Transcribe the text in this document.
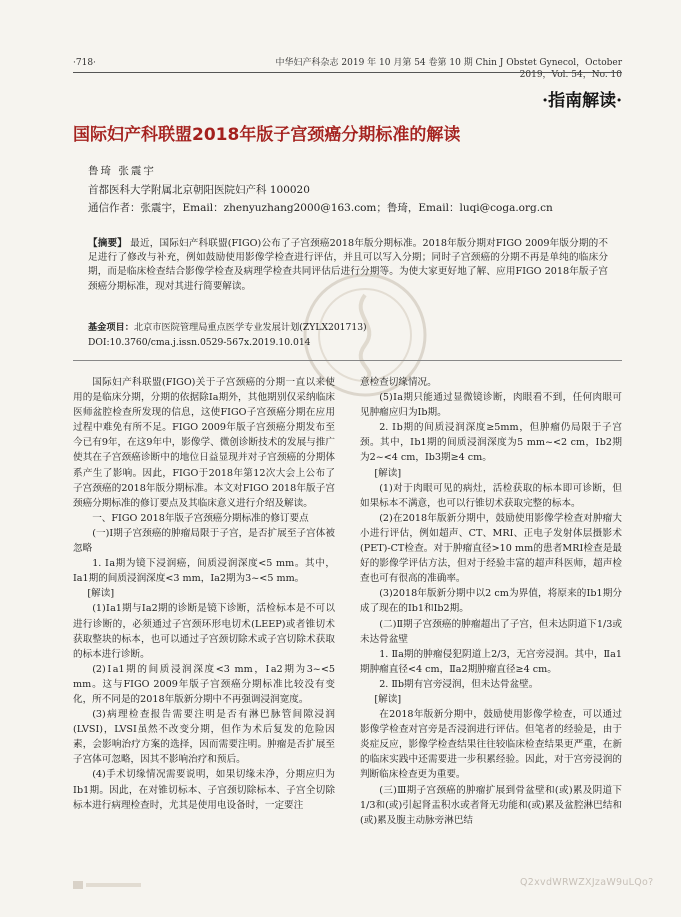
·718·	中华妇产科杂志 2019 年 10 月第 54 卷第 10 期 Chin J Obstet Gynecol，October 2019，Vol. 54，No. 10
·指南解读·
国际妇产科联盟2018年版子宫颈癌分期标准的解读
鲁琦 张震宇
首都医科大学附属北京朝阳医院妇产科 100020
通信作者：张震宇，Email：zhenyuzhang2000@163.com；鲁琦，Email：luqi@coga.org.cn
【摘要】 最近，国际妇产科联盟(FIGO)公布了子宫颈癌2018年版分期标准。2018年版分期对FIGO 2009年版分期的不足进行了修改与补充，例如鼓励使用影像学检查进行评估，并且可以写入分期；同时子宫颈癌的分期不再是单纯的临床分期，而是临床检查结合影像学检查及病理学检查共同评估后进行分期等。为使大家更好地了解、应用FIGO 2018年版子宫颈癌分期标准，现对其进行简要解读。
基金项目：北京市医院管理局重点医学专业发展计划(ZYLX201713)
DOI:10.3760/cma.j.issn.0529-567x.2019.10.014

国际妇产科联盟(FIGO)关于子宫颈癌的分期一直以来使用的是临床分期，分期的依据除Ⅰa期外，其他期别仅采纳临床医师盆腔检查所发现的信息，这使FIGO子宫颈癌分期在应用过程中难免有所不足。FIGO 2009年版子宫颈癌分期发布至今已有9年，在这9年中，影像学、微创诊断技术的发展与推广使其在子宫颈癌诊断中的地位日益显现并对子宫颈癌的分期体系产生了影响。因此，FIGO于2018年第12次大会上公布了子宫颈癌的2018年版分期标准。本文对FIGO 2018年版子宫颈癌分期标准的修订要点及其临床意义进行介绍及解读。

一、FIGO 2018年版子宫颈癌分期标准的修订要点

(一)Ⅰ期子宫颈癌的肿瘤局限于子宫，是否扩展至子宫体被忽略

1. Ⅰa期为镜下浸润癌，间质浸润深度<5 mm。其中，Ⅰa1期的间质浸润深度<3 mm，Ⅰa2期为3~<5 mm。

[解读]

(1)Ⅰa1期与Ⅰa2期的诊断是镜下诊断，活检标本是不可以进行诊断的，必须通过子宫颈环形电切术(LEEP)或者锥切术获取整块的标本，也可以通过子宫颈切除术或子宫切除术获取的标本进行诊断。

(2)Ⅰa1期的间质浸润深度<3 mm，Ⅰa2期为3~<5 mm。这与FIGO 2009年版子宫颈癌分期标准比较没有变化，所不同是的2018年版新分期中不再强调浸润宽度。

(3)病理检查报告需要注明是否有淋巴脉管间隙浸润(LVSI)，LVSI虽然不改变分期，但作为术后复发的危险因素，会影响治疗方案的选择，因而需要注明。肿瘤是否扩展至子宫体可忽略，因其不影响治疗和预后。

(4)手术切缘情况需要说明，如果切缘未净，分期应归为Ⅰb1期。因此，在对锥切标本、子宫颈切除标本、子宫全切除标本进行病理检查时，尤其是使用电设备时，一定要注

意检查切缘情况。

(5)Ⅰa期只能通过显微镜诊断，肉眼看不到，任何肉眼可见肿瘤应归为Ⅰb期。

2. Ⅰb期的间质浸润深度≥5mm，但肿瘤仍局限于子宫颈。其中，Ⅰb1期的间质浸润深度为5 mm~<2 cm，Ⅰb2期为2~<4 cm，Ⅰb3期≥4 cm。

[解读]

(1)对于肉眼可见的病灶，活检获取的标本即可诊断，但如果标本不满意，也可以行锥切术获取完整的标本。

(2)在2018年版新分期中，鼓励使用影像学检查对肿瘤大小进行评估，例如超声、CT、MRI、正电子发射体层摄影术(PET)-CT检查。对于肿瘤直径>10 mm的患者MRI检查是最好的影像学评估方法，但对于经验丰富的超声科医师，超声检查也可有很高的准确率。

(3)2018年版新分期中以2 cm为界值，将原来的Ⅰb1期分成了现在的Ⅰb1和Ⅰb2期。

(二)Ⅱ期子宫颈癌的肿瘤超出了子宫，但未达阴道下1/3或未达骨盆壁

1. Ⅱa期的肿瘤侵犯阴道上2/3，无宫旁浸润。其中，Ⅱa1期肿瘤直径<4 cm，Ⅱa2期肿瘤直径≥4 cm。

2. Ⅱb期有宫旁浸润，但未达骨盆壁。

[解读]

在2018年版新分期中，鼓励使用影像学检查，可以通过影像学检查对宫旁是否浸润进行评估。但笔者的经验是，由于炎症反应，影像学检查结果往往较临床检查结果更严重，在新的临床实践中还需要进一步积累经验。因此，对于宫旁浸润的判断临床检查更为重要。

(三)Ⅲ期子宫颈癌的肿瘤扩展到骨盆壁和(或)累及阴道下1/3和(或)引起肾盂积水或者肾无功能和(或)累及盆腔淋巴结和(或)累及腹主动脉旁淋巴结

Q2xvdWRWZXJzaW9uLQo?
